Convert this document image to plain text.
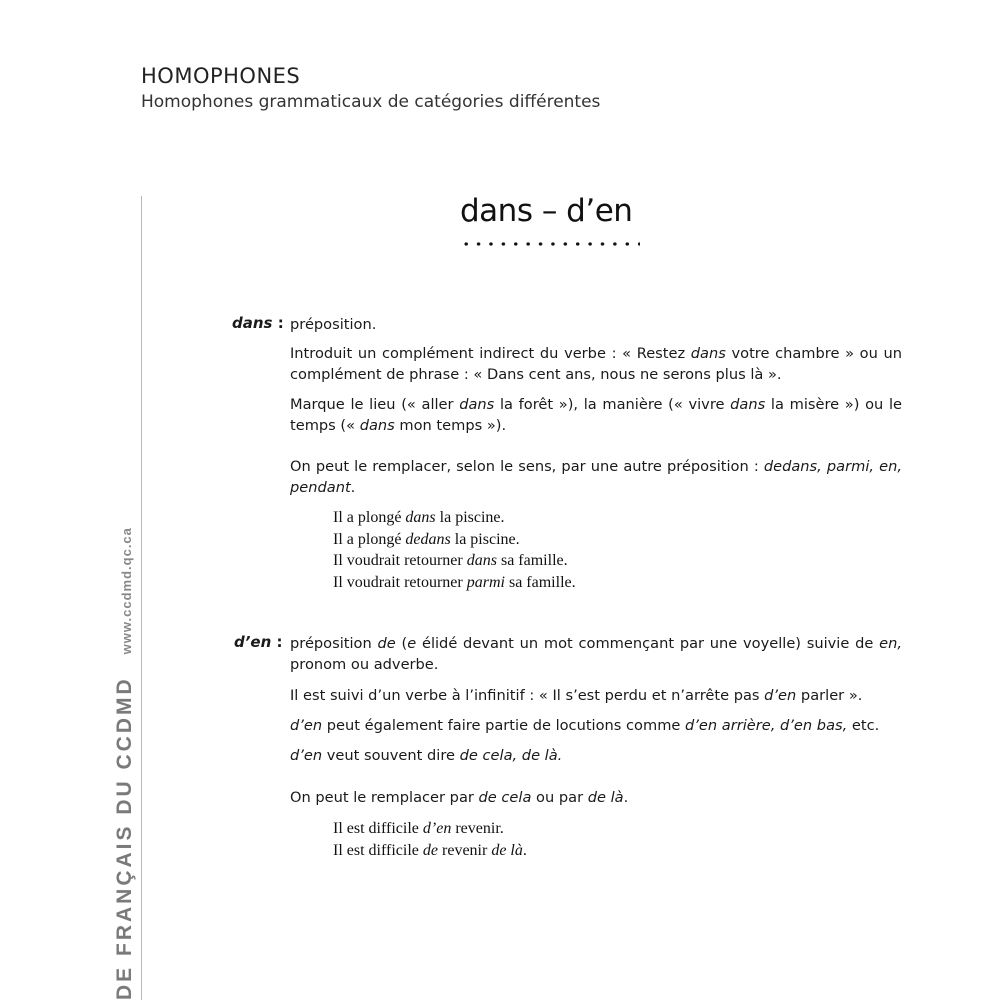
HOMOPHONES
Homophones grammaticaux de catégories différentes
DE FRANÇAIS DU CCDMD
www.ccdmd.qc.ca
dans – d’en
dans : préposition.
Introduit un complément indirect du verbe : « Restez dans votre chambre » ou un complément de phrase : « Dans cent ans, nous ne serons plus là ».
Marque le lieu (« aller dans la forêt »), la manière (« vivre dans la misère ») ou le temps (« dans mon temps »).
On peut le remplacer, selon le sens, par une autre préposition : dedans, parmi, en, pendant.
Il a plongé dans la piscine.
Il a plongé dedans la piscine.
Il voudrait retourner dans sa famille.
Il voudrait retourner parmi sa famille.
d’en : préposition de (e élidé devant un mot commençant par une voyelle) suivie de en, pronom ou adverbe.
Il est suivi d’un verbe à l’infinitif : « Il s’est perdu et n’arrête pas d’en parler ».
d’en peut également faire partie de locutions comme d’en arrière, d’en bas, etc.
d’en veut souvent dire de cela, de là.
On peut le remplacer par de cela ou par de là.
Il est difficile d’en revenir.
Il est difficile de revenir de là.
